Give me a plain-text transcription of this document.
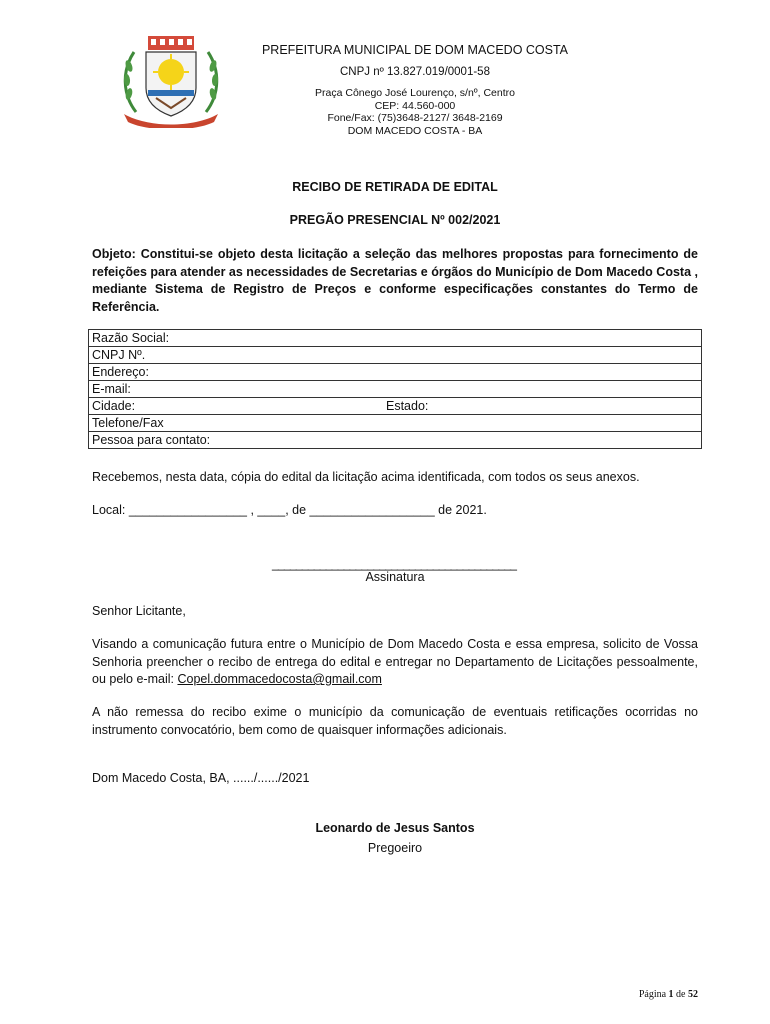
PREFEITURA MUNICIPAL DE DOM MACEDO COSTA
CNPJ nº 13.827.019/0001-58
Praça Cônego José Lourenço, s/nº, Centro
CEP: 44.560-000
Fone/Fax: (75)3648-2127/ 3648-2169
DOM MACEDO COSTA - BA
RECIBO DE RETIRADA DE EDITAL
PREGÃO PRESENCIAL Nº 002/2021
Objeto: Constitui-se objeto desta licitação a seleção das melhores propostas para fornecimento de refeições para atender as necessidades de Secretarias e órgãos do Município de Dom Macedo Costa , mediante Sistema de Registro de Preços e conforme especificações constantes do Termo de Referência.
Razão Social:
CNPJ Nº.
Endereço:
E-mail:
Cidade:	Estado:

Telefone/Fax
Pessoa para contato:
Recebemos, nesta data, cópia do edital da licitação acima identificada, com todos os seus anexos.
Local: _________________ , ____, de __________________ de 2021.
_________________________________________
Assinatura
Senhor Licitante,
Visando a comunicação futura entre o Município de Dom Macedo Costa e essa empresa, solicito de Vossa Senhoria preencher o recibo de entrega do edital e entregar no Departamento de Licitações pessoalmente, ou pelo e-mail: Copel.dommacedocosta@gmail.com
A não remessa do recibo exime o município da comunicação de eventuais retificações ocorridas no instrumento convocatório, bem como de quaisquer informações adicionais.
Dom Macedo Costa, BA, ....../....../2021
Leonardo de Jesus Santos
Pregoeiro
Página 1 de 52
